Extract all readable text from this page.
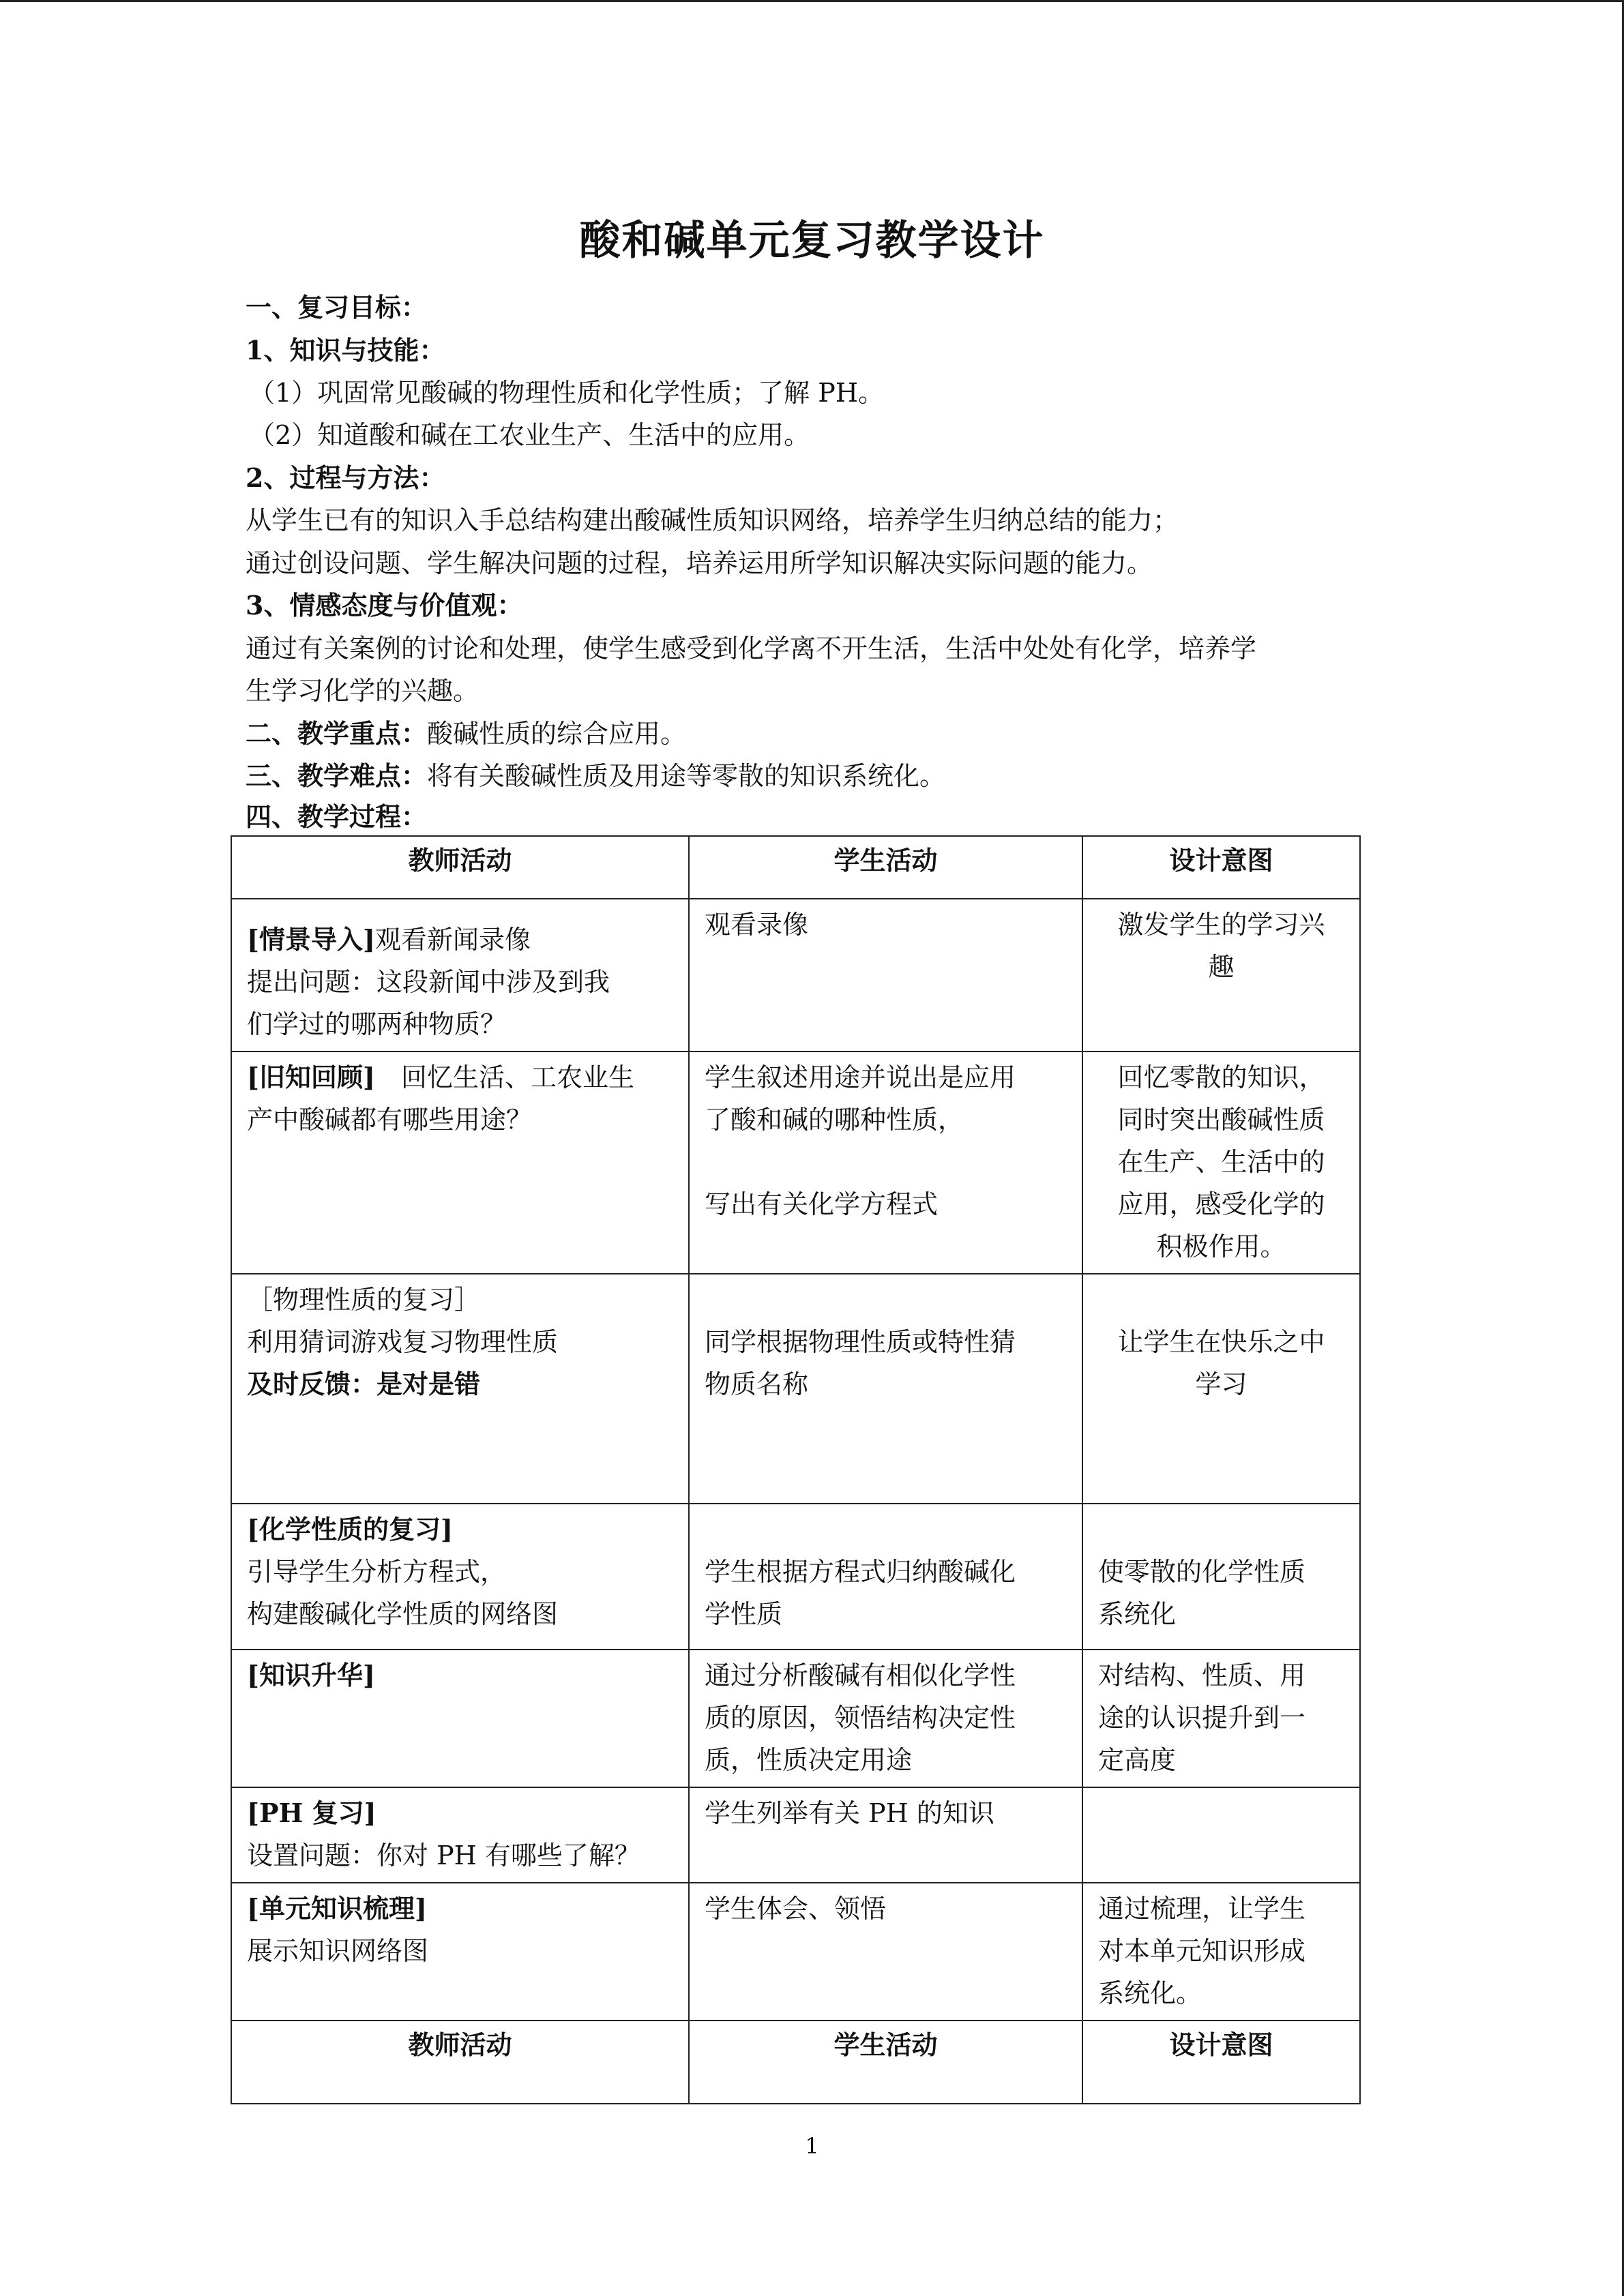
酸和碱单元复习教学设计
一、复习目标：
1、知识与技能：
（1）巩固常见酸碱的物理性质和化学性质；了解 PH。
（2）知道酸和碱在工农业生产、生活中的应用。
2、过程与方法：
从学生已有的知识入手总结构建出酸碱性质知识网络，培养学生归纳总结的能力；
通过创设问题、学生解决问题的过程，培养运用所学知识解决实际问题的能力。
3、情感态度与价值观：
通过有关案例的讨论和处理，使学生感受到化学离不开生活，生活中处处有化学，培养学
生学习化学的兴趣。
二、教学重点：酸碱性质的综合应用。
三、教学难点：将有关酸碱性质及用途等零散的知识系统化。
四、教学过程：
教师活动	学生活动	设计意图
[情景导入]观看新闻录像
提出问题：这段新闻中涉及到我
们学过的哪两种物质？	观看录像	激发学生的学习兴
趣
[旧知回顾]　回忆生活、工农业生
产中酸碱都有哪些用途？	学生叙述用途并说出是应用
了酸和碱的哪种性质，

写出有关化学方程式	回忆零散的知识，
同时突出酸碱性质
在生产、生活中的
应用，感受化学的
积极作用。
［物理性质的复习］
利用猜词游戏复习物理性质
及时反馈：是对是错	同学根据物理性质或特性猜
物质名称	让学生在快乐之中
学习
[化学性质的复习]
引导学生分析方程式，
构建酸碱化学性质的网络图	学生根据方程式归纳酸碱化
学性质	使零散的化学性质
系统化
[知识升华]	通过分析酸碱有相似化学性
质的原因，领悟结构决定性
质，性质决定用途	对结构、性质、用
途的认识提升到一
定高度
[PH 复习]
设置问题：你对 PH 有哪些了解？	学生列举有关 PH 的知识	
[单元知识梳理]
展示知识网络图	学生体会、领悟	通过梳理，让学生
对本单元知识形成
系统化。
教师活动	学生活动	设计意图
1
